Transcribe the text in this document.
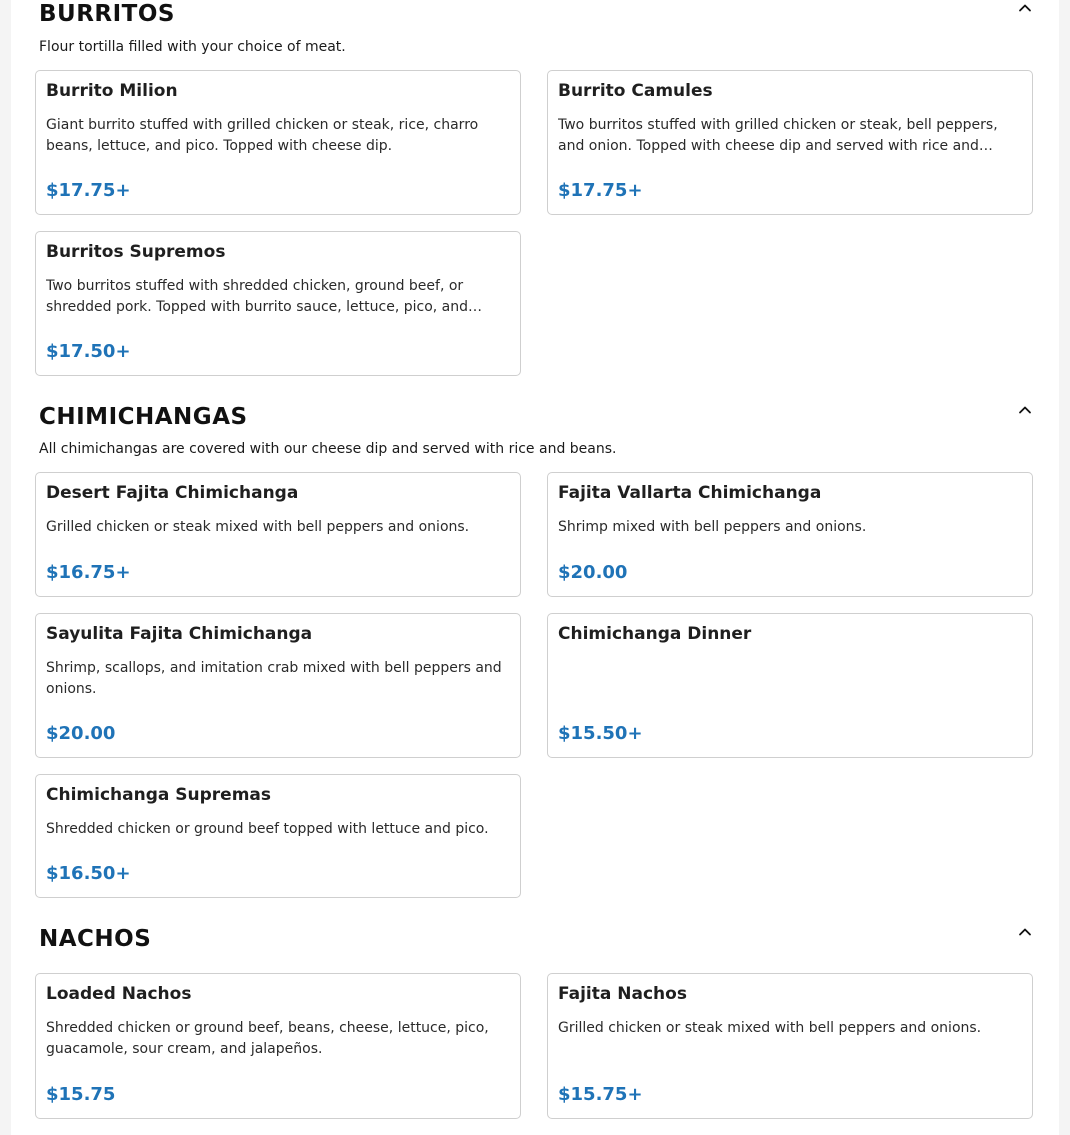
BURRITOS
Flour tortilla filled with your choice of meat.
Burrito Milion
Giant burrito stuffed with grilled chicken or steak, rice, charro beans, lettuce, and pico. Topped with cheese dip.
$17.75+
Burrito Camules
Two burritos stuffed with grilled chicken or steak, bell peppers, and onion. Topped with cheese dip and served with rice and…
$17.75+
Burritos Supremos
Two burritos stuffed with shredded chicken, ground beef, or shredded pork. Topped with burrito sauce, lettuce, pico, and…
$17.50+
CHIMICHANGAS
All chimichangas are covered with our cheese dip and served with rice and beans.
Desert Fajita Chimichanga
Grilled chicken or steak mixed with bell peppers and onions.
$16.75+
Fajita Vallarta Chimichanga
Shrimp mixed with bell peppers and onions.
$20.00
Sayulita Fajita Chimichanga
Shrimp, scallops, and imitation crab mixed with bell peppers and onions.
$20.00
Chimichanga Dinner
$15.50+
Chimichanga Supremas
Shredded chicken or ground beef topped with lettuce and pico.
$16.50+
NACHOS
Loaded Nachos
Shredded chicken or ground beef, beans, cheese, lettuce, pico, guacamole, sour cream, and jalapeños.
$15.75
Fajita Nachos
Grilled chicken or steak mixed with bell peppers and onions.
$15.75+
